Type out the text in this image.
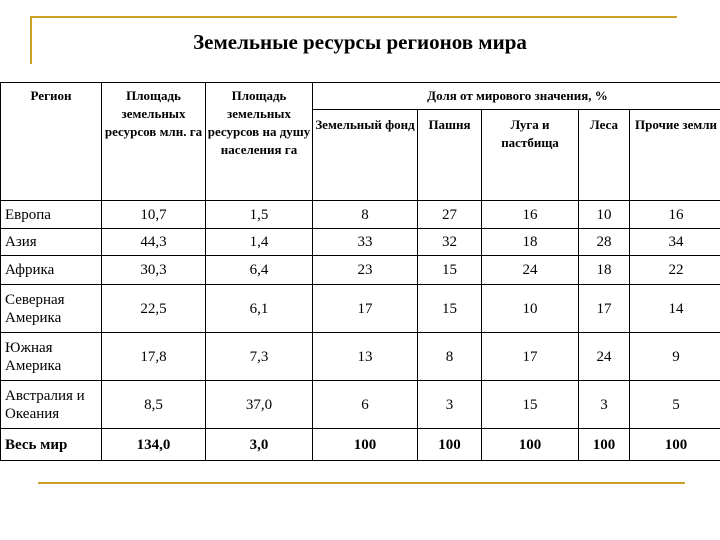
Земельные ресурсы регионов мира
Регион	Площадь земельных ресурсов млн. га	Площадь земельных ресурсов на душу населения га	Доля от мирового значения, %				
			Земельный фонд	Пашня	Луга и пастбища	Леса	Прочие земли
Европа	10,7	1,5	8	27	16	10	16
Азия	44,3	1,4	33	32	18	28	34
Африка	30,3	6,4	23	15	24	18	22
Северная Америка	22,5	6,1	17	15	10	17	14
Южная Америка	17,8	7,3	13	8	17	24	9
Австралия и Океания	8,5	37,0	6	3	15	3	5
Весь мир	134,0	3,0	100	100	100	100	100
